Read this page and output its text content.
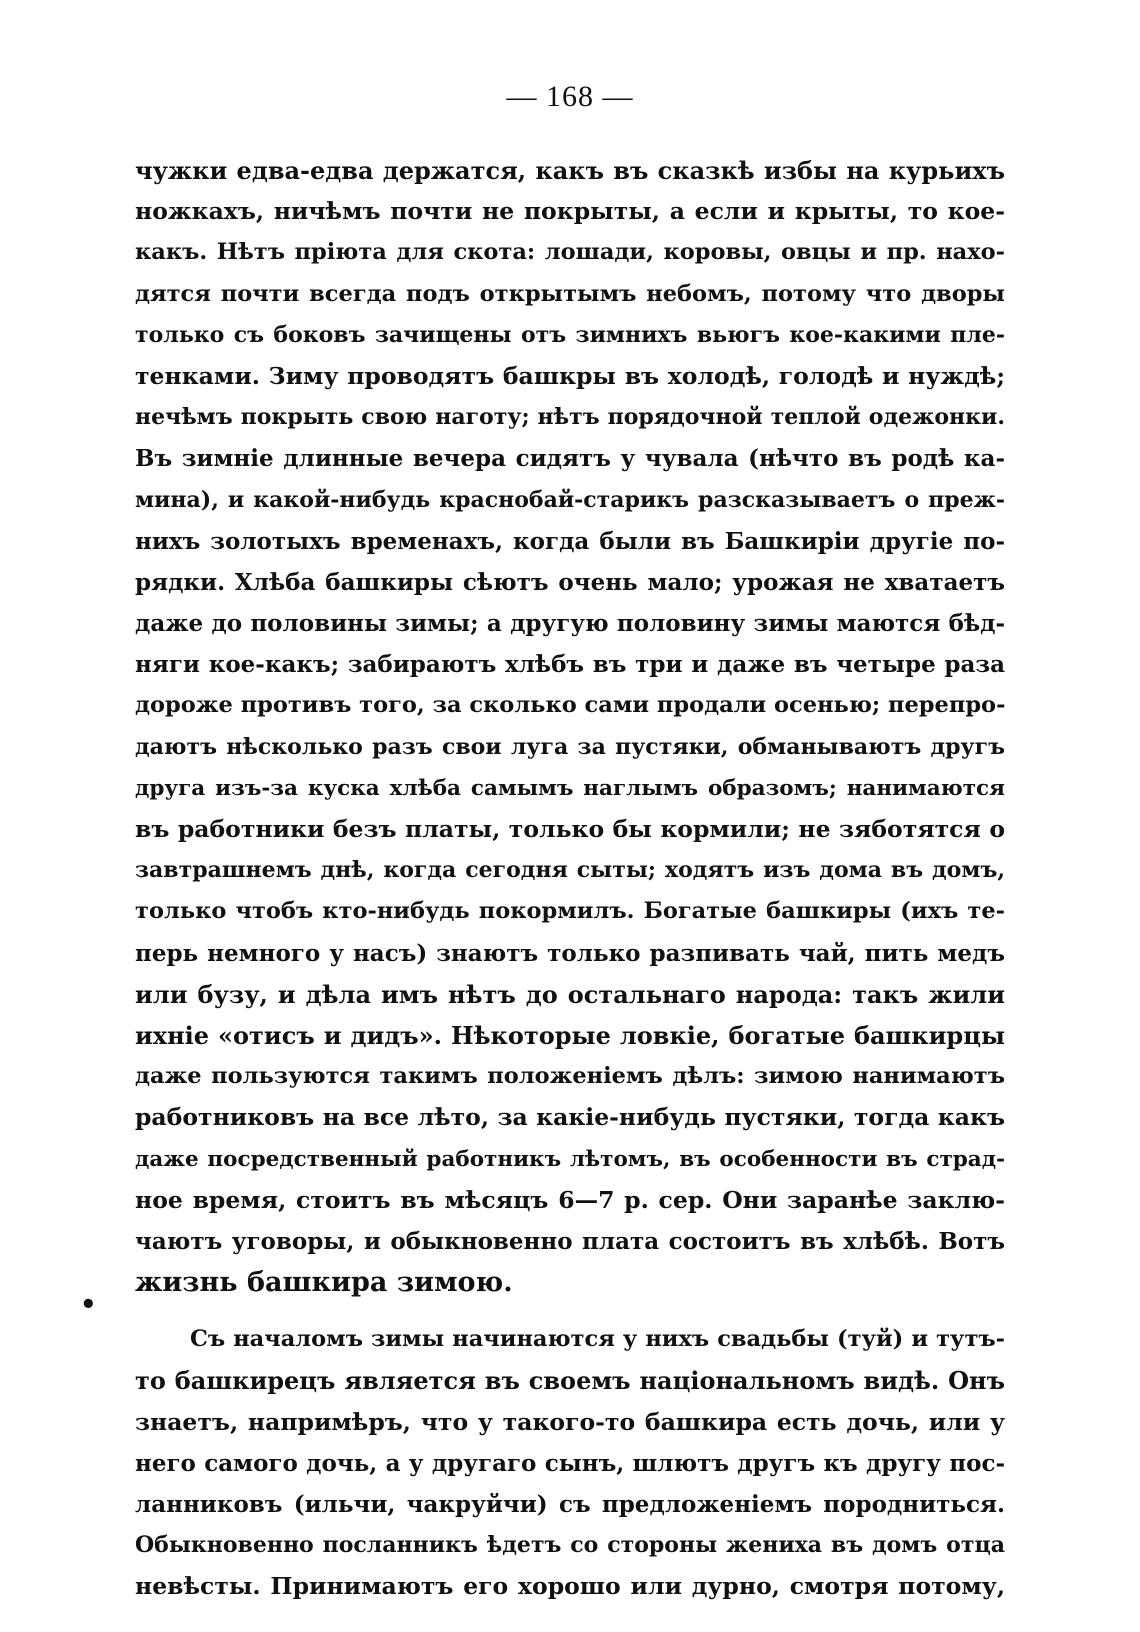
— 168 —
чужки едва-едва держатся, какъ въ сказкѣ избы на курьихъ
ножкахъ, ничѣмъ почти не покрыты, а если и крыты, то кое-
какъ. Нѣтъ пріюта для скота: лошади, коровы, овцы и пр. нахо-
дятся почти всегда подъ открытымъ небомъ, потому что дворы
только съ боковъ зачищены отъ зимнихъ вьюгъ кое-какими пле-
тенками. Зиму проводятъ башкры въ холодѣ, голодѣ и нуждѣ;
нечѣмъ покрыть свою наготу; нѣтъ порядочной теплой одежонки.
Въ зимніе длинные вечера сидятъ у чувала (нѣчто въ родѣ ка-
мина), и какой-нибудь краснобай-старикъ разсказываетъ о преж-
нихъ золотыхъ временахъ, когда были въ Башкиріи другіе по-
рядки. Хлѣба башкиры сѣютъ очень мало; урожая не хватаетъ
даже до половины зимы; а другую половину зимы маются бѣд-
няги кое-какъ; забираютъ хлѣбъ въ три и даже въ четыре раза
дороже противъ того, за сколько сами продали осенью; перепро-
даютъ нѣсколько разъ свои луга за пустяки, обманываютъ другъ
друга изъ-за куска хлѣба самымъ наглымъ образомъ; нанимаются
въ работники безъ платы, только бы кормили; не зяботятся о
завтрашнемъ днѣ, когда сегодня сыты; ходятъ изъ дома въ домъ,
только чтобъ кто-нибудь покормилъ. Богатые башкиры (ихъ те-
перь немного у насъ) знаютъ только разпивать чай, пить медъ
или бузу, и дѣла имъ нѣтъ до остальнаго народа: такъ жили
ихніе «отисъ и дидъ». Нѣкоторые ловкіе, богатые башкирцы
даже пользуются такимъ положеніемъ дѣлъ: зимою нанимаютъ
работниковъ на все лѣто, за какіе-нибудь пустяки, тогда какъ
даже посредственный работникъ лѣтомъ, въ особенности въ страд-
ное время, стоитъ въ мѣсяцъ 6—7 р. сер. Они заранѣе заклю-
чаютъ уговоры, и обыкновенно плата состоитъ въ хлѣбѣ. Вотъ
жизнь башкира зимою.
Съ началомъ зимы начинаются у нихъ свадьбы (туй) и тутъ-
то башкирецъ является въ своемъ національномъ видѣ. Онъ
знаетъ, напримѣръ, что у такого-то башкира есть дочь, или у
него самого дочь, а у другаго сынъ, шлютъ другъ къ другу пос-
ланниковъ (ильчи, чакруйчи) съ предложеніемъ породниться.
Обыкновенно посланникъ ѣдетъ со стороны жениха въ домъ отца
невѣсты. Принимаютъ его хорошо или дурно, смотря потому,
•
